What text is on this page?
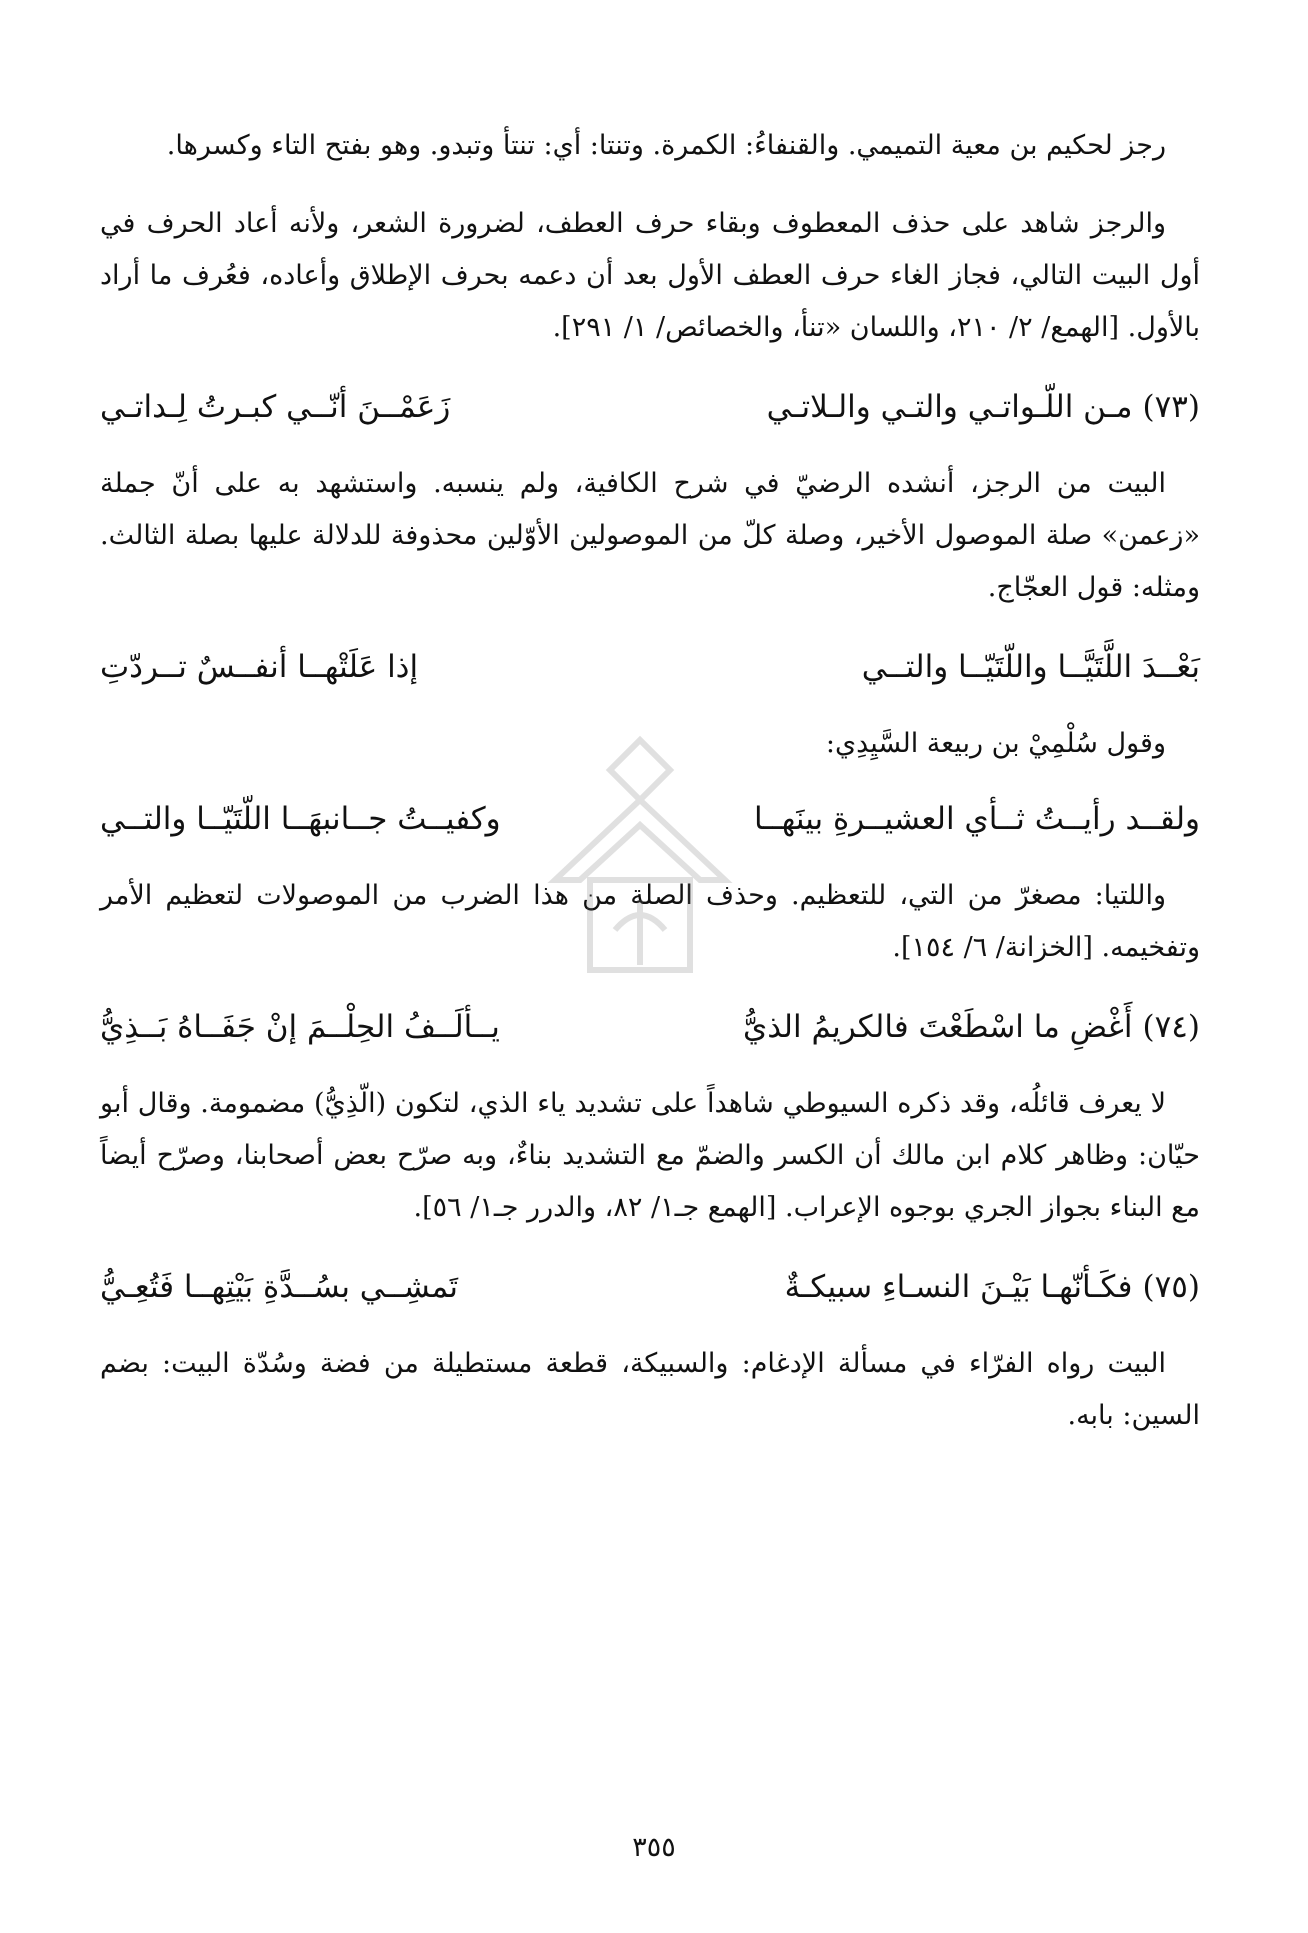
رجز لحكيم بن معية التميمي. والقنفاءُ: الكمرة. وتنتا: أي: تنتأ وتبدو. وهو بفتح التاء وكسرها.

والرجز شاهد على حذف المعطوف وبقاء حرف العطف، لضرورة الشعر، ولأنه أعاد الحرف في أول البيت التالي، فجاز الغاء حرف العطف الأول بعد أن دعمه بحرف الإطلاق وأعاده، فعُرف ما أراد بالأول. [الهمع/ ٢/ ٢١٠، واللسان «تنأ، والخصائص/ ١/ ٢٩١].

(٧٣)مـن اللّـواتـي والتـي والـلاتـي
زَعَمْــنَ أنّــي كبـرتُ لِـداتـي

البيت من الرجز، أنشده الرضيّ في شرح الكافية، ولم ينسبه. واستشهد به على أنّ جملة «زعمن» صلة الموصول الأخير، وصلة كلّ من الموصولين الأوّلين محذوفة للدلالة عليها بصلة الثالث. ومثله: قول العجّاج.

بَعْــدَ اللَّتَيَّــا واللّتَيّــا والتــي
إذا عَلَتْهــا أنفــسٌ تــردّتِ

وقول سُلْمِيْ بن ربيعة السَّيِدِي:

ولقــد رأيــتُ ثــأي العشيــرةِ بينَهــا
وكفيــتُ جــانبهَــا اللّتَيّــا والتــي

واللتيا: مصغرّ من التي، للتعظيم. وحذف الصلة من هذا الضرب من الموصولات لتعظيم الأمر وتفخيمه. [الخزانة/ ٦/ ١٥٤].

(٧٤)أَغْضِ ما اسْطَعْتَ فالكريمُ الذيُّ
يــألَــفُ الحِلْــمَ إنْ جَفَــاهُ بَــذِيُّ

لا يعرف قائلُه، وقد ذكره السيوطي شاهداً على تشديد ياء الذي، لتكون (الّذِيُّ) مضمومة. وقال أبو حيّان: وظاهر كلام ابن مالك أن الكسر والضمّ مع التشديد بناءٌ، وبه صرّح بعض أصحابنا، وصرّح أيضاً مع البناء بجواز الجري بوجوه الإعراب. [الهمع جـ١/ ٨٢، والدرر جـ١/ ٥٦].

(٧٥)فكَـأنّهـا بَيْـنَ النسـاءِ سبيكـةٌ
تَمشِــي بسُــدَّةِ بَيْتِهــا فَتُعِـيُّ

البيت رواه الفرّاء في مسألة الإدغام: والسبيكة، قطعة مستطيلة من فضة وسُدّة البيت: بضم السين: بابه.

٣٥٥
